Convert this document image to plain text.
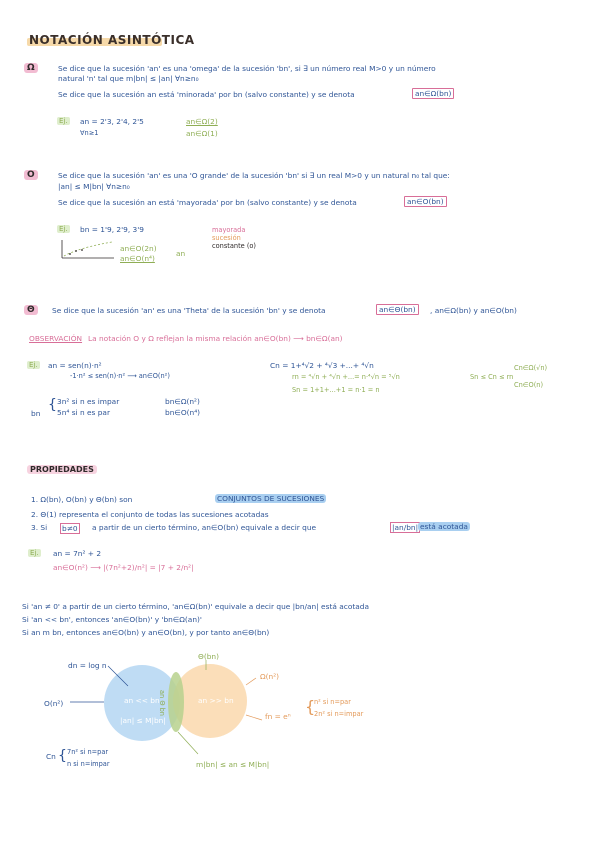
NOTACIÓN ASINTÓTICA
Ω	Se dice que la sucesión 'an' es una 'omega' de la sucesión 'bn', si ∃ un número real M>0 y un número
natural 'n' tal que m|bn| ≤ |an| ∀n≥n₀
Se dice que la sucesión an está 'minorada' por bn (salvo constante) y se denota	an∈Ω(bn)
Ej. an = 2'3, 2'4, 2'5
∀n≥1
an∈Ω(2)
an∈Ω(1)
O	Se dice que la sucesión 'an' es una 'O grande' de la sucesión 'bn' si ∃ un real M>0 y un natural n₀ tal que:
|an| ≤ M|bn| ∀n≥n₀
Se dice que la sucesión an está 'mayorada' por bn (salvo constante) y se denota	an∈O(bn)
Ej. bn = 1'9, 2'9, 3'9
an∈O(2n)
an∈O(n⁴)
an
mayorada
sucesión
constante (o)
Θ	Se dice que la sucesión 'an' es una 'Theta' de la sucesión 'bn' y se denota	an∈Θ(bn)	, an∈Ω(bn) y an∈O(bn)
OBSERVACIÓN La notación O y Ω reflejan la misma relación an∈O(bn) ⟶ bn∈Ω(an)
Ej. an = sen(n)·n²
-1·n² ≤ sen(n)·n² ⟶ an∈O(n²)
bn
{ 3n² si n es impar
5n⁴ si n es par
bn∈Ω(n²)
bn∈O(n⁴)
Cn = 1+⁴√2 + ⁴√3 +...+ ⁴√n
rn = ⁴√n + ⁴√n +...= n·⁴√n = ⁵√n
Sn = 1+1+...+1 = n·1 = n
Sn ≤ Cn ≤ rn
Cn∈Ω(√n)
Cn∈O(n)
PROPIEDADES
1. Ω(bn), O(bn) y Θ(bn) son	CONJUNTOS DE SUCESIONES
2. Θ(1) representa el conjunto de todas las sucesiones acotadas
3. Si b≠0 a partir de un cierto término, an∈O(bn) equivale a decir que	|an/bn| está acotada
Ej. an = 7n² + 2
an∈O(n²) ⟶ |(7n²+2)/n²| = |7 + 2/n²|
Si 'an ≠ 0' a partir de un cierto término, 'an∈Ω(bn)' equivale a decir que |bn/an| está acotada
Si 'an << bn', entonces 'an∈O(bn)' y 'bn∈Ω(an)'
Si an m bn, entonces an∈O(bn) y an∈O(bn), y por tanto an∈Θ(bn)
dn = log n
O(n²)	an << bn
|an| ≤ M|bn|
an >> bn
an Θ bn
Θ(bn)
Ω(n²)
fn = eⁿ
{
n² si n=par
2n² si n=impar
Cn { 7n² si n=par
n si n=impar	m|bn| ≤ an ≤ M|bn|
